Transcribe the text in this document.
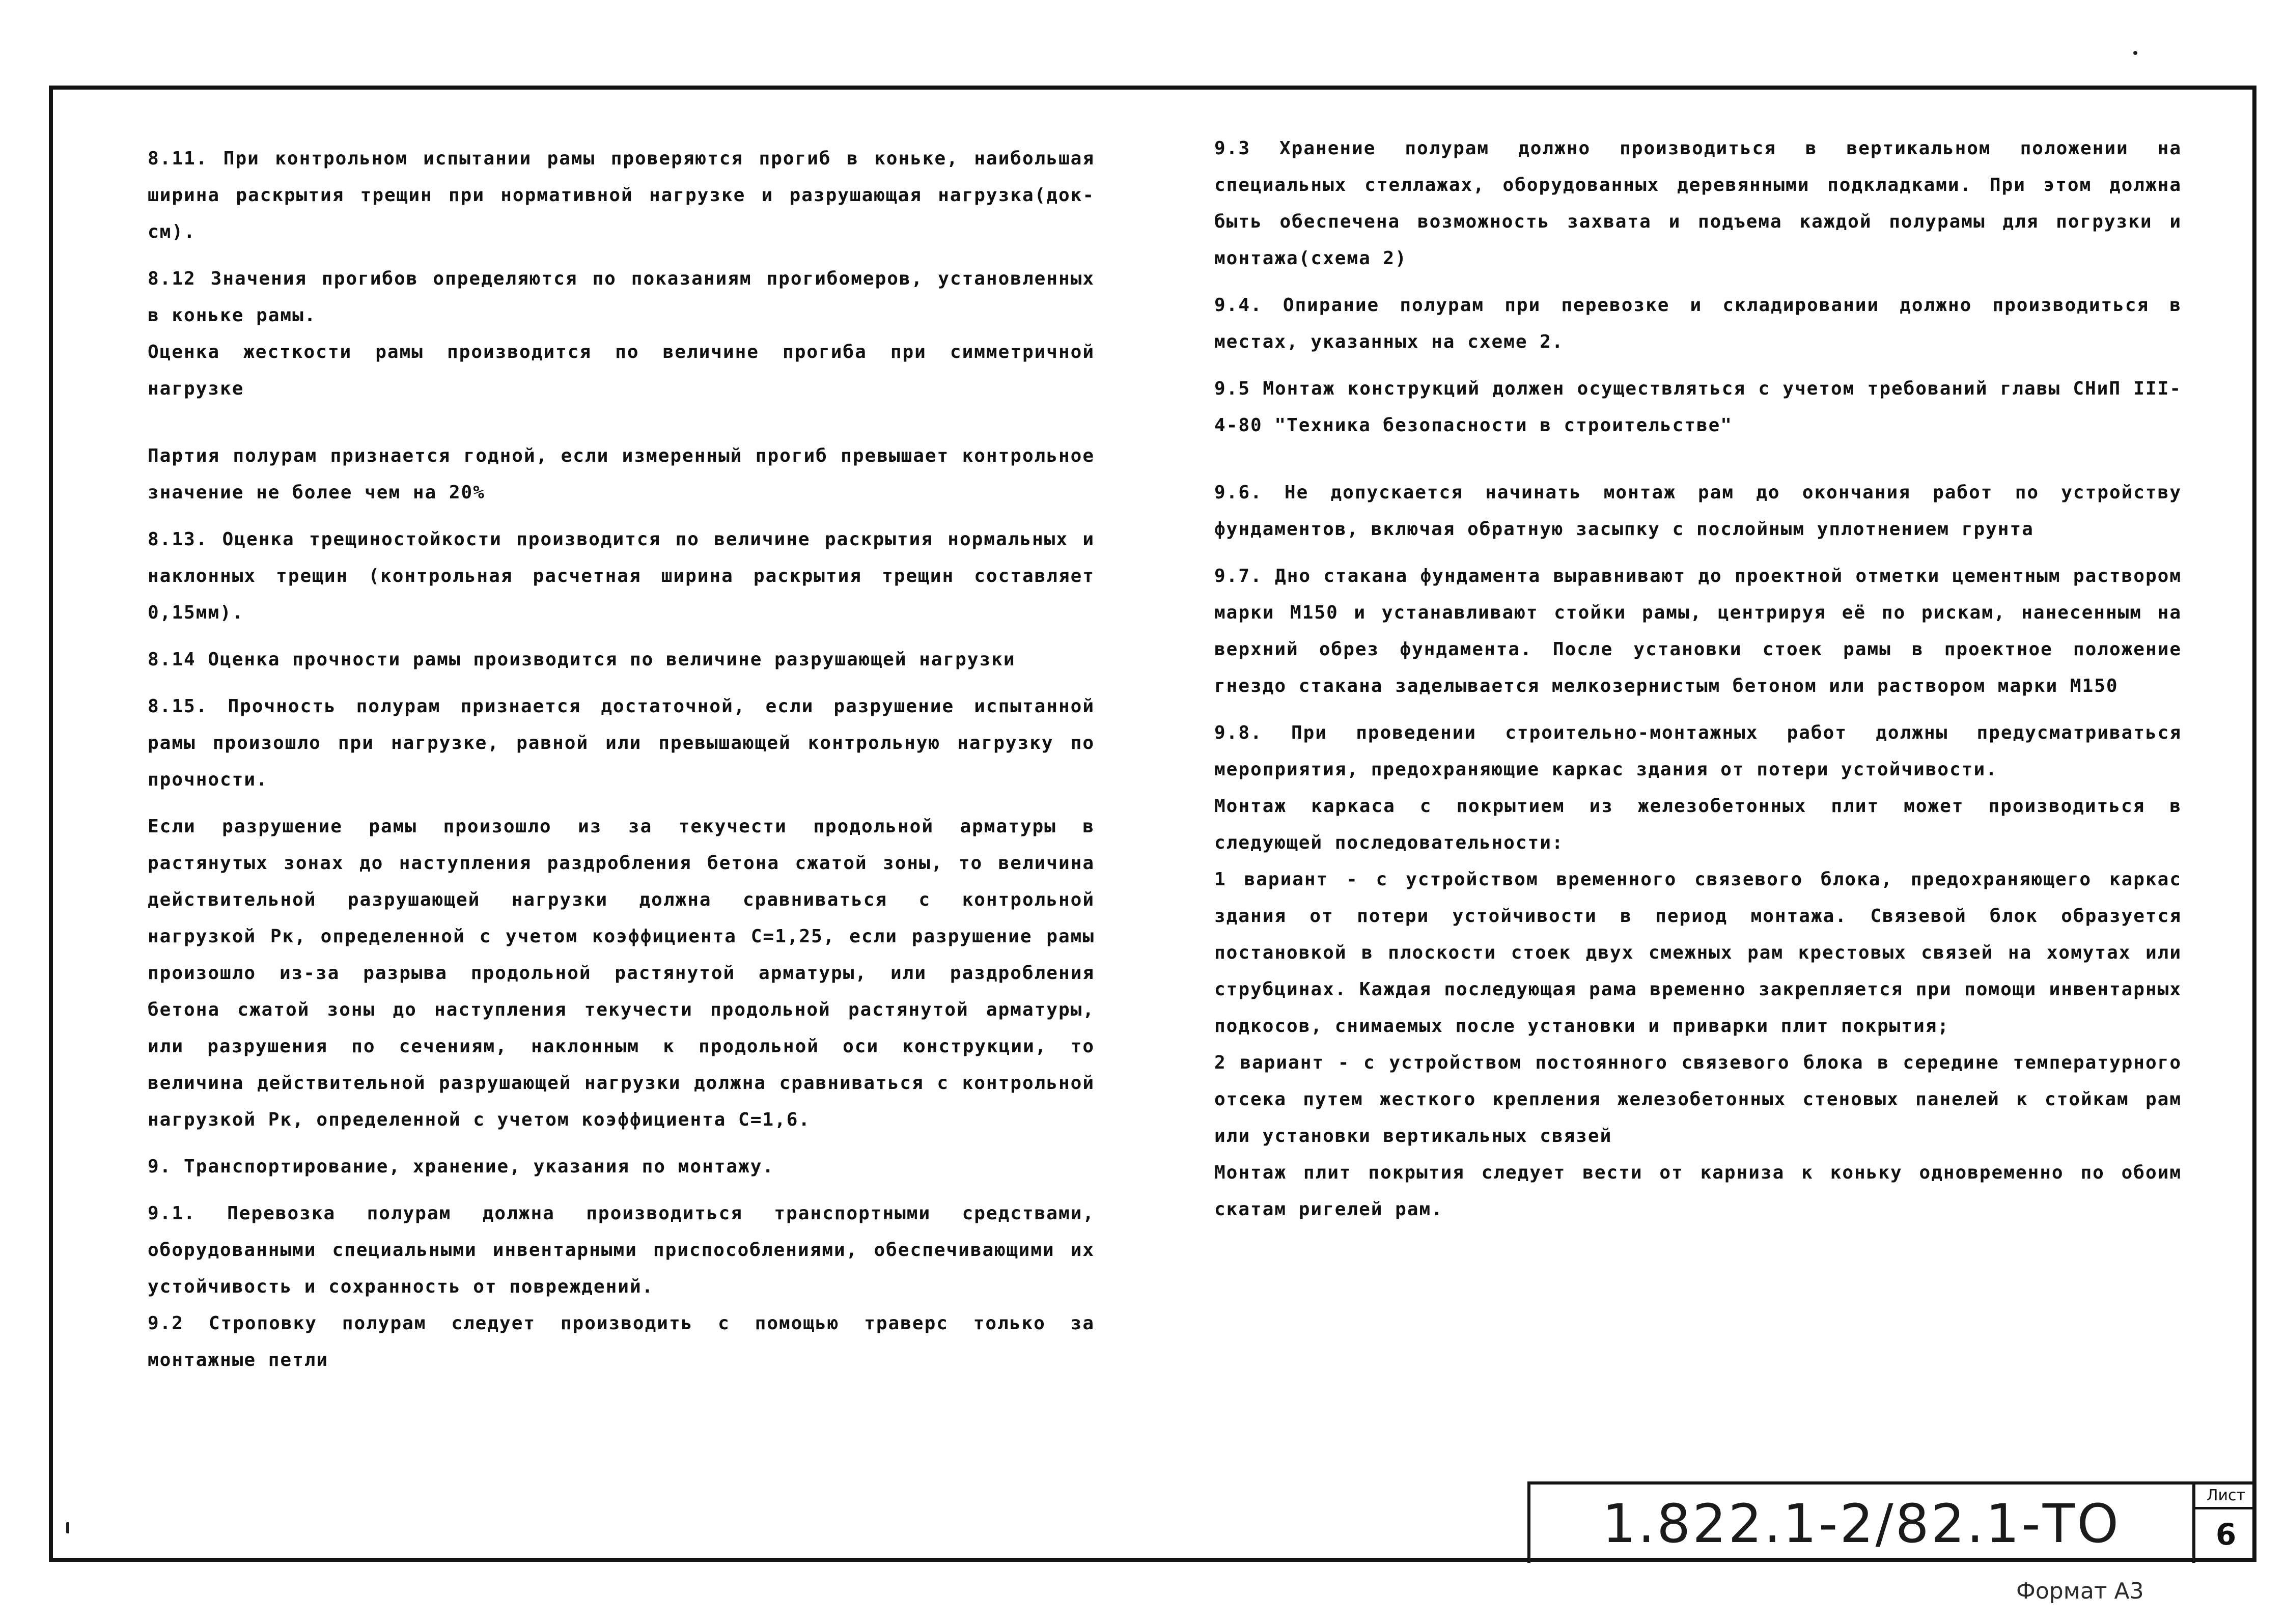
8.11. При контрольном испытании рамы проверяются прогиб в коньке, наибольшая ширина раскрытия трещин при нормативной нагрузке и разрушающая нагрузка(док-см).

8.12 Значения прогибов определяются по показаниям прогибомеров, установленных в коньке рамы.

Оценка жесткости рамы производится по величине прогиба при симметричной нагрузке

Партия полурам признается годной, если измеренный прогиб превышает контрольное значение не более чем на 20%

8.13. Оценка трещиностойкости производится по величине раскрытия нормальных и наклонных трещин (контрольная расчетная ширина раскрытия трещин составляет 0,15мм).

8.14 Оценка прочности рамы производится по величине разрушающей нагрузки

8.15. Прочность полурам признается достаточной, если разрушение испытанной рамы произошло при нагрузке, равной или превышающей контрольную нагрузку по прочности.

Если разрушение рамы произошло из за текучести продольной арматуры в растянутых зонах до наступления раздробления бетона сжатой зоны, то величина действительной разрушающей нагрузки должна сравниваться с контрольной нагрузкой Рк, определенной с учетом коэффициента С=1,25, если разрушение рамы произошло из-за разрыва продольной растянутой арматуры, или раздробления бетона сжатой зоны до наступления текучести продольной растянутой арматуры, или разрушения по сечениям, наклонным к продольной оси конструкции, то величина действительной разрушающей нагрузки должна сравниваться с контрольной нагрузкой Рк, определенной с учетом коэффициента С=1,6.

9. Транспортирование, хранение, указания по монтажу.

9.1. Перевозка полурам должна производиться транспортными средствами, оборудованными специальными инвентарными приспособлениями, обеспечивающими их устойчивость и сохранность от повреждений.

9.2 Строповку полурам следует производить с помощью траверс только за монтажные петли

9.3 Хранение полурам должно производиться в вертикальном положении на специальных стеллажах, оборудованных деревянными подкладками. При этом должна быть обеспечена возможность захвата и подъема каждой полурамы для погрузки и монтажа(схема 2)

9.4. Опирание полурам при перевозке и складировании должно производиться в местах, указанных на схеме 2.

9.5 Монтаж конструкций должен осуществляться с учетом требований главы СНиП III-4-80 "Техника безопасности в строительстве"

9.6. Не допускается начинать монтаж рам до окончания работ по устройству фундаментов, включая обратную засыпку с послойным уплотнением грунта

9.7. Дно стакана фундамента выравнивают до проектной отметки цементным раствором марки М150 и устанавливают стойки рамы, центрируя её по рискам, нанесенным на верхний обрез фундамента. После установки стоек рамы в проектное положение гнездо стакана заделывается мелкозернистым бетоном или раствором марки М150

9.8. При проведении строительно-монтажных работ должны предусматриваться мероприятия, предохраняющие каркас здания от потери устойчивости.

Монтаж каркаса с покрытием из железобетонных плит может производиться в следующей последовательности:

1 вариант - с устройством временного связевого блока, предохраняющего каркас здания от потери устойчивости в период монтажа. Связевой блок образуется постановкой в плоскости стоек двух смежных рам крестовых связей на хомутах или струбцинах. Каждая последующая рама временно закрепляется при помощи инвентарных подкосов, снимаемых после установки и приварки плит покрытия;

2 вариант - с устройством постоянного связевого блока в середине температурного отсека путем жесткого крепления железобетонных стеновых панелей к стойкам рам или установки вертикальных связей

Монтаж плит покрытия следует вести от карниза к коньку одновременно по обоим скатам ригелей рам.

1.822.1-2/82.1-ТО	Лист
6
Формат А3
